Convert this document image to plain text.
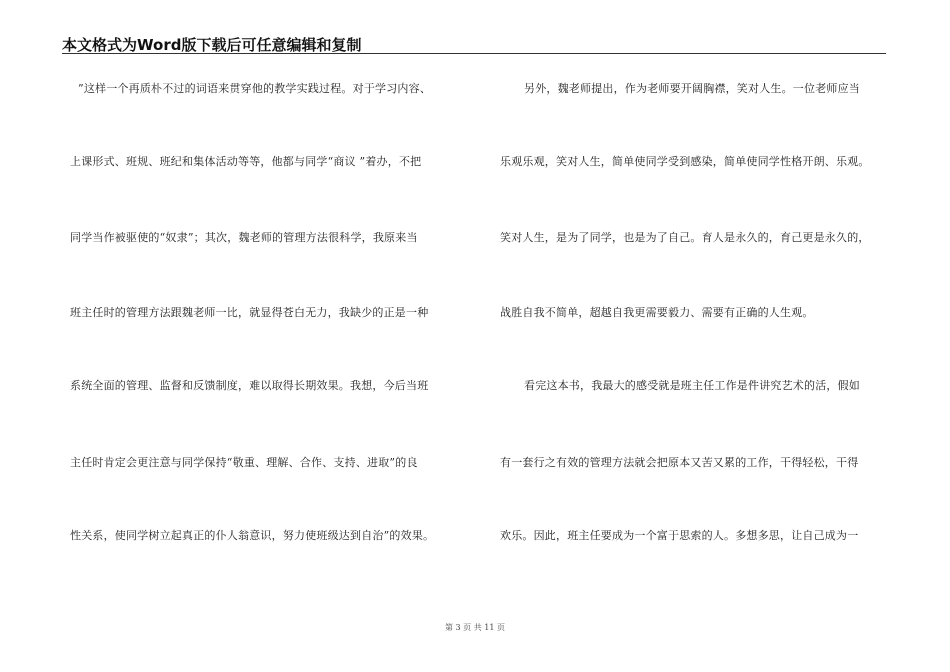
本文格式为Word版下载后可任意编辑和复制
”这样一个再质朴不过的词语来贯穿他的教学实践过程。对于学习内容、
上课形式、班规、班纪和集体活动等等，他都与同学“商议 ”着办，不把
同学当作被驱使的“奴隶”；其次，魏老师的管理方法很科学，我原来当
班主任时的管理方法跟魏老师一比，就显得苍白无力，我缺少的正是一种
系统全面的管理、监督和反馈制度，难以取得长期效果。我想，今后当班
主任时肯定会更注意与同学保持“敬重、理解、合作、支持、进取”的良
性关系，使同学树立起真正的仆人翁意识，努力使班级达到自治”的效果。
另外，魏老师提出，作为老师要开阔胸襟，笑对人生。一位老师应当
乐观乐观，笑对人生，简单使同学受到感染，简单使同学性格开朗、乐观。
笑对人生，是为了同学，也是为了自己。育人是永久的，育己更是永久的，
战胜自我不简单，超越自我更需要毅力、需要有正确的人生观。
看完这本书，我最大的感受就是班主任工作是件讲究艺术的活，假如
有一套行之有效的管理方法就会把原本又苦又累的工作，干得轻松，干得
欢乐。因此，班主任要成为一个富于思索的人。多想多思，让自己成为一
第 3 页 共 11 页
